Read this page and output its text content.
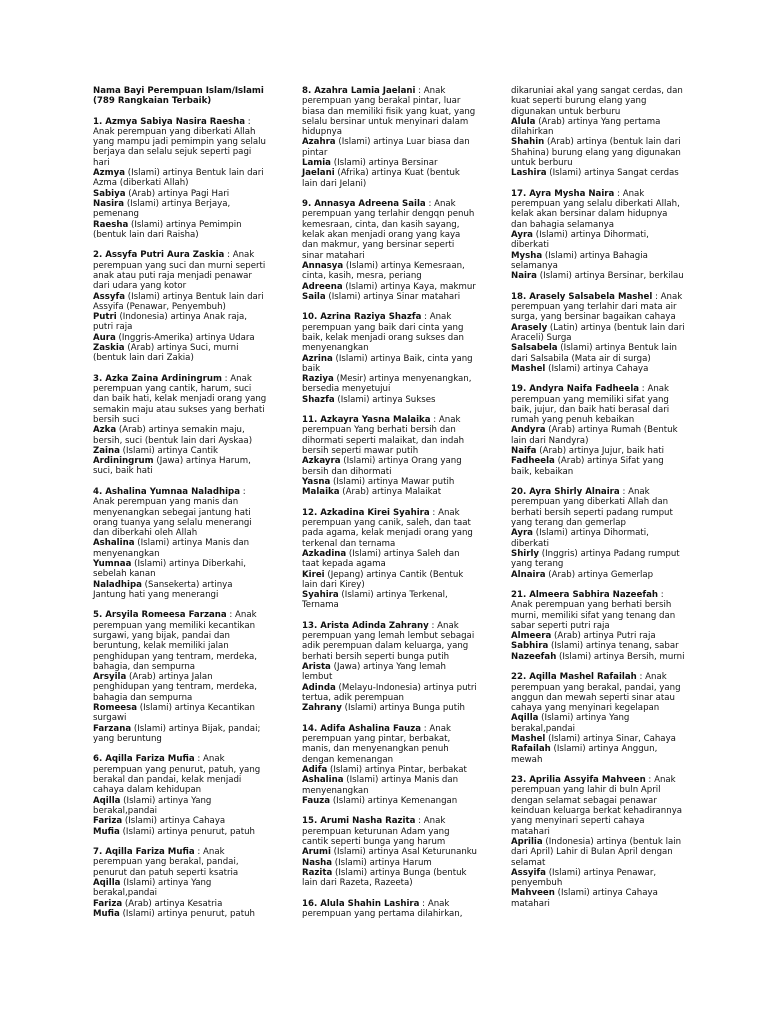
Nama Bayi Perempuan Islam/Islami (789 Rangkaian Terbaik)

1. Azmya Sabiya Nasira Raesha : Anak perempuan yang diberkati Allah yang mampu jadi pemimpin yang selalu berjaya dan selalu sejuk seperti pagi hari

Azmya (Islami) artinya Bentuk lain dari Azma (diberkati Allah)

Sabiya (Arab) artinya Pagi Hari

Nasira (Islami) artinya Berjaya, pemenang

Raesha (Islami) artinya Pemimpin (bentuk lain dari Raisha)

2. Assyfa Putri Aura Zaskia : Anak perempuan yang suci dan murni seperti anak atau puti raja menjadi penawar dari udara yang kotor

Assyfa (Islami) artinya Bentuk lain dari Assyifa (Penawar, Penyembuh)

Putri (Indonesia) artinya Anak raja, putri raja

Aura (Inggris-Amerika) artinya Udara

Zaskia (Arab) artinya Suci, murni (bentuk lain dari Zakia)

3. Azka Zaina Ardiningrum : Anak perempuan yang cantik, harum, suci dan baik hati, kelak menjadi orang yang semakin maju atau sukses yang berhati bersih suci

Azka (Arab) artinya semakin maju, bersih, suci (bentuk lain dari Ayskaa)

Zaina (Islami) artinya Cantik

Ardiningrum (Jawa) artinya Harum, suci, baik hati

4. Ashalina Yumnaa Naladhipa : Anak perempuan yang manis dan menyenangkan sebegai jantung hati orang tuanya yang selalu menerangi dan diberkahi oleh Allah

Ashalina (Islami) artinya Manis dan menyenangkan

Yumnaa (Islami) artinya Diberkahi, sebelah kanan

Naladhipa (Sansekerta) artinya Jantung hati yang menerangi

5. Arsyila Romeesa Farzana : Anak perempuan yang memiliki kecantikan surgawi, yang bijak, pandai dan beruntung, kelak memiliki jalan penghidupan yang tentram, merdeka, bahagia, dan sempurna

Arsyila (Arab) artinya Jalan penghidupan yang tentram, merdeka, bahagia dan sempurna

Romeesa (Islami) artinya Kecantikan surgawi

Farzana (Islami) artinya Bijak, pandai; yang beruntung

6. Aqilla Fariza Mufia : Anak perempuan yang penurut, patuh, yang berakal dan pandai, kelak menjadi cahaya dalam kehidupan

Aqilla (Islami) artinya Yang berakal,pandai

Fariza (Islami) artinya Cahaya

Mufia (Islami) artinya penurut, patuh

7. Aqilla Fariza Mufia : Anak perempuan yang berakal, pandai, penurut dan patuh seperti ksatria

Aqilla (Islami) artinya Yang berakal,pandai

Fariza (Arab) artinya Kesatria

Mufia (Islami) artinya penurut, patuh

8. Azahra Lamia Jaelani : Anak perempuan yang berakal pintar, luar biasa dan memiliki fisik yang kuat, yang selalu bersinar untuk menyinari dalam hidupnya

Azahra (Islami) artinya Luar biasa dan pintar

Lamia (Islami) artinya Bersinar

Jaelani (Afrika) artinya Kuat (bentuk lain dari Jelani)

9. Annasya Adreena Saila : Anak perempuan yang terlahir dengqn penuh kemesraan, cinta, dan kasih sayang, kelak akan menjadi orang yang kaya dan makmur, yang bersinar seperti sinar matahari

Annasya (Islami) artinya Kemesraan, cinta, kasih, mesra, periang

Adreena (Islami) artinya Kaya, makmur

Saila (Islami) artinya Sinar matahari

10. Azrina Raziya Shazfa : Anak perempuan yang baik dari cinta yang baik, kelak menjadi orang sukses dan menyenangkan

Azrina (Islami) artinya Baik, cinta yang baik

Raziya (Mesir) artinya menyenangkan, bersedia menyetujui

Shazfa (Islami) artinya Sukses

11. Azkayra Yasna Malaika : Anak perempuan Yang berhati bersih dan dihormati seperti malaikat, dan indah bersih seperti mawar putih

Azkayra (Islami) artinya Orang yang bersih dan dihormati

Yasna (Islami) artinya Mawar putih

Malaika (Arab) artinya Malaikat

12. Azkadina Kirei Syahira : Anak perempuan yang canik, saleh, dan taat pada agama, kelak menjadi orang yang terkenal dan ternama

Azkadina (Islami) artinya Saleh dan taat kepada agama

Kirei (Jepang) artinya Cantik (Bentuk lain dari Kirey)

Syahira (Islami) artinya Terkenal, Ternama

13. Arista Adinda Zahrany : Anak perempuan yang lemah lembut sebagai adik perempuan dalam keluarga, yang berhati bersih seperti bunga putih

Arista (Jawa) artinya Yang lemah lembut

Adinda (Melayu-Indonesia) artinya putri tertua, adik perempuan

Zahrany (Islami) artinya Bunga putih

14. Adifa Ashalina Fauza : Anak perempuan yang pintar, berbakat, manis, dan menyenangkan penuh dengan kemenangan

Adifa (Islami) artinya Pintar, berbakat

Ashalina (Islami) artinya Manis dan menyenangkan

Fauza (Islami) artinya Kemenangan

15. Arumi Nasha Razita : Anak perempuan keturunan Adam yang cantik seperti bunga yang harum

Arumi (Islami) artinya Asal Keturunanku

Nasha (Islami) artinya Harum

Razita (Islami) artinya Bunga (bentuk lain dari Razeta, Razeeta)

16. Alula Shahin Lashira : Anak perempuan yang pertama dilahirkan,

dikaruniai akal yang sangat cerdas, dan kuat seperti burung elang yang digunakan untuk berburu

Alula (Arab) artinya Yang pertama dilahirkan

Shahin (Arab) artinya (bentuk lain dari Shahina) burung elang yang digunakan untuk berburu

Lashira (Islami) artinya Sangat cerdas

17. Ayra Mysha Naira : Anak perempuan yang selalu diberkati Allah, kelak akan bersinar dalam hidupnya dan bahagia selamanya

Ayra (Islami) artinya Dihormati, diberkati

Mysha (Islami) artinya Bahagia selamanya

Naira (Islami) artinya Bersinar, berkilau

18. Arasely Salsabela Mashel : Anak perempuan yang terlahir dari mata air surga, yang bersinar bagaikan cahaya

Arasely (Latin) artinya (bentuk lain dari Araceli) Surga

Salsabela (Islami) artinya Bentuk lain dari Salsabila (Mata air di surga)

Mashel (Islami) artinya Cahaya

19. Andyra Naifa Fadheela : Anak perempuan yang memiliki sifat yang baik, jujur, dan baik hati berasal dari rumah yang penuh kebaikan

Andyra (Arab) artinya Rumah (Bentuk lain dari Nandyra)

Naifa (Arab) artinya Jujur, baik hati

Fadheela (Arab) artinya Sifat yang baik, kebaikan

20. Ayra Shirly Alnaira : Anak perempuan yang diberkati Allah dan berhati bersih seperti padang rumput yang terang dan gemerlap

Ayra (Islami) artinya Dihormati, diberkati

Shirly (Inggris) artinya Padang rumput yang terang

Alnaira (Arab) artinya Gemerlap

21. Almeera Sabhira Nazeefah : Anak perempuan yang berhati bersih murni, memiliki sifat yang tenang dan sabar seperti putri raja

Almeera (Arab) artinya Putri raja

Sabhira (Islami) artinya tenang, sabar

Nazeefah (Islami) artinya Bersih, murni

22. Aqilla Mashel Rafailah : Anak perempuan yang berakal, pandai, yang anggun dan mewah seperti sinar atau cahaya yang menyinari kegelapan

Aqilla (Islami) artinya Yang berakal,pandai

Mashel (Islami) artinya Sinar, Cahaya

Rafailah (Islami) artinya Anggun, mewah

23. Aprilia Assyifa Mahveen : Anak perempuan yang lahir di buln April dengan selamat sebagai penawar keinduan keluarga berkat kehadirannya yang menyinari seperti cahaya matahari

Aprilia (Indonesia) artinya (bentuk lain dari April) Lahir di Bulan April dengan selamat

Assyifa (Islami) artinya Penawar, penyembuh

Mahveen (Islami) artinya Cahaya matahari
